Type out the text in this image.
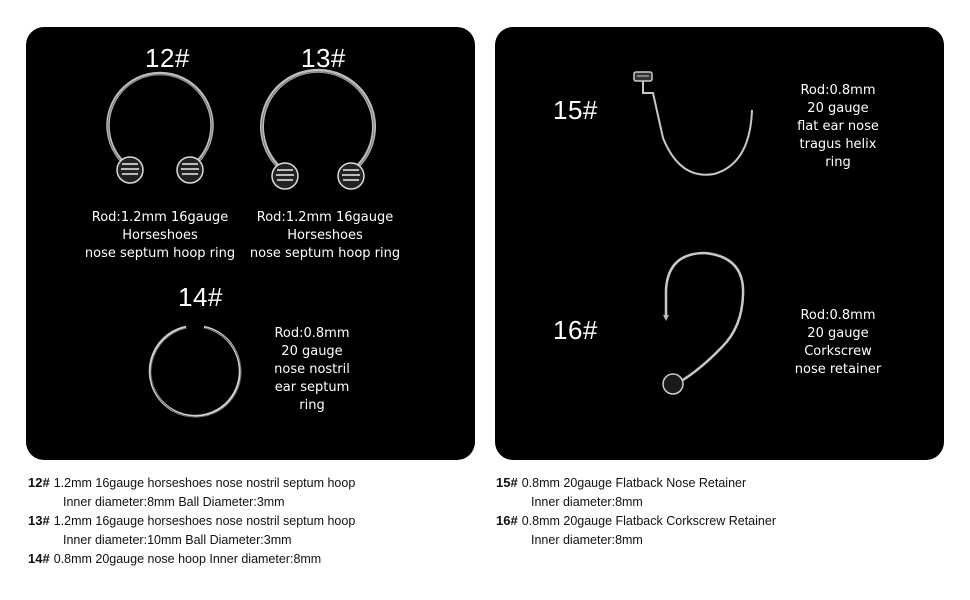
12#
Rod:1.2mm 16gauge
Horseshoes
nose septum hoop ring
13#
Rod:1.2mm 16gauge
Horseshoes
nose septum hoop ring
14#
Rod:0.8mm
20 gauge
nose nostril
ear septum
ring
15#
Rod:0.8mm
20 gauge
flat ear nose
tragus helix
ring
16#	Rod:0.8mm
20 gauge
Corkscrew
nose retainer
12# 1.2mm 16gauge horseshoes nose nostril septum hoop
Inner diameter:8mm Ball Diameter:3mm
13# 1.2mm 16gauge horseshoes nose nostril septum hoop
Inner diameter:10mm Ball Diameter:3mm
14# 0.8mm 20gauge nose hoop Inner diameter:8mm
15# 0.8mm 20gauge Flatback Nose Retainer
Inner diameter:8mm
16# 0.8mm 20gauge Flatback Corkscrew Retainer
Inner diameter:8mm
